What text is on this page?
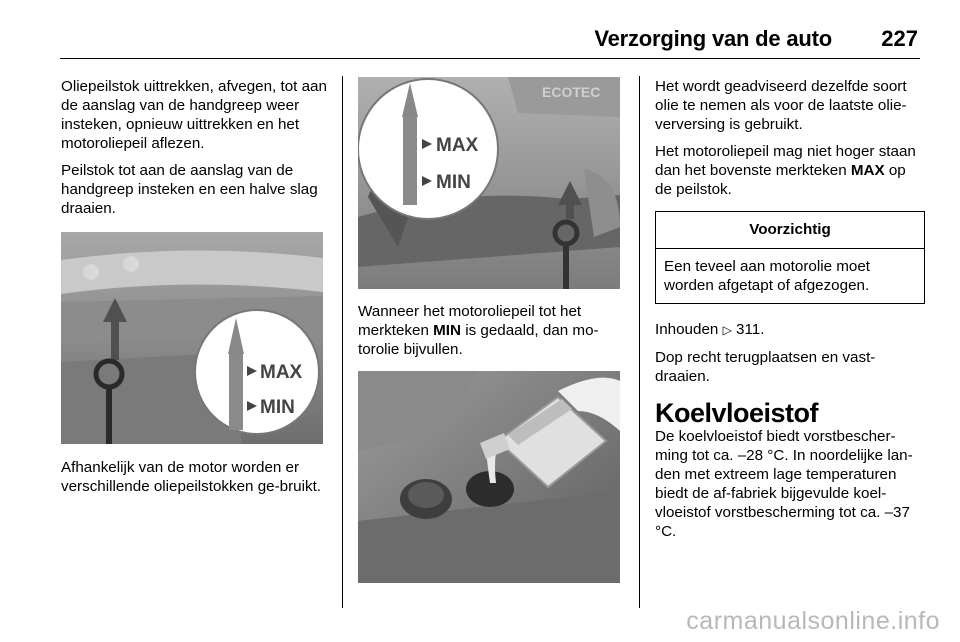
Verzorging van de auto 227

Oliepeilstok uittrekken, afvegen, tot aan de aanslag van de handgreep weer insteken, opnieuw uittrekken en het motoroliepeil aflezen.

Peilstok tot aan de aanslag van de handgreep insteken en een halve slag draaien.

MAX
MIN

Afhankelijk van de motor worden er verschillende oliepeilstokken ge-bruikt.

ECOTEC
MAX
MIN

Wanneer het motoroliepeil tot het merkteken MIN is gedaald, dan mo-torolie bijvullen.

Het wordt geadviseerd dezelfde soort olie te nemen als voor de laatste olie-verversing is gebruikt.

Het motoroliepeil mag niet hoger staan dan het bovenste merkteken MAX op de peilstok.

Voorzichtig
Een teveel aan motorolie moet worden afgetapt of afgezogen.

Inhouden ▷ 311.

Dop recht terugplaatsen en vast-draaien.

Koelvloeistof

De koelvloeistof biedt vorstbescher-ming tot ca. –28 °C. In noordelijke lan-den met extreem lage temperaturen biedt de af-fabriek bijgevulde koel-vloeistof vorstbescherming tot ca. –37 °C.

carmanualsonline.info
